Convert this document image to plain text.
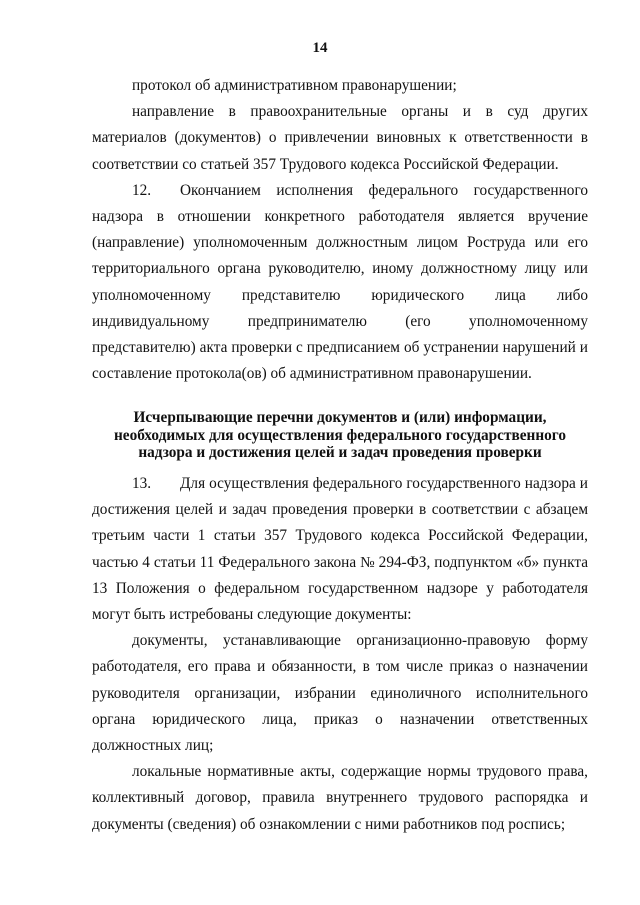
14

протокол об административном правонарушении;

направление в правоохранительные органы и в суд других материалов (документов) о привлечении виновных к ответственности в соответствии со статьей 357 Трудового кодекса Российской Федерации.

12. Окончанием исполнения федерального государственного надзора в отношении конкретного работодателя является вручение (направление) уполномоченным должностным лицом Роструда или его территориального органа руководителю, иному должностному лицу или уполномоченному представителю юридического лица либо индивидуальному предпринимателю (его уполномоченному представителю) акта проверки с предписанием об устранении нарушений и составление протокола(ов) об административном правонарушении.

Исчерпывающие перечни документов и (или) информации,
необходимых для осуществления федерального государственного
надзора и достижения целей и задач проведения проверки

13. Для осуществления федерального государственного надзора и достижения целей и задач проведения проверки в соответствии с абзацем третьим части 1 статьи 357 Трудового кодекса Российской Федерации, частью 4 статьи 11 Федерального закона № 294-ФЗ, подпунктом «б» пункта 13 Положения о федеральном государственном надзоре у работодателя могут быть истребованы следующие документы:

документы, устанавливающие организационно-правовую форму работодателя, его права и обязанности, в том числе приказ о назначении руководителя организации, избрании единоличного исполнительного органа юридического лица, приказ о назначении ответственных должностных лиц;

локальные нормативные акты, содержащие нормы трудового права, коллективный договор, правила внутреннего трудового распорядка и документы (сведения) об ознакомлении с ними работников под роспись;
